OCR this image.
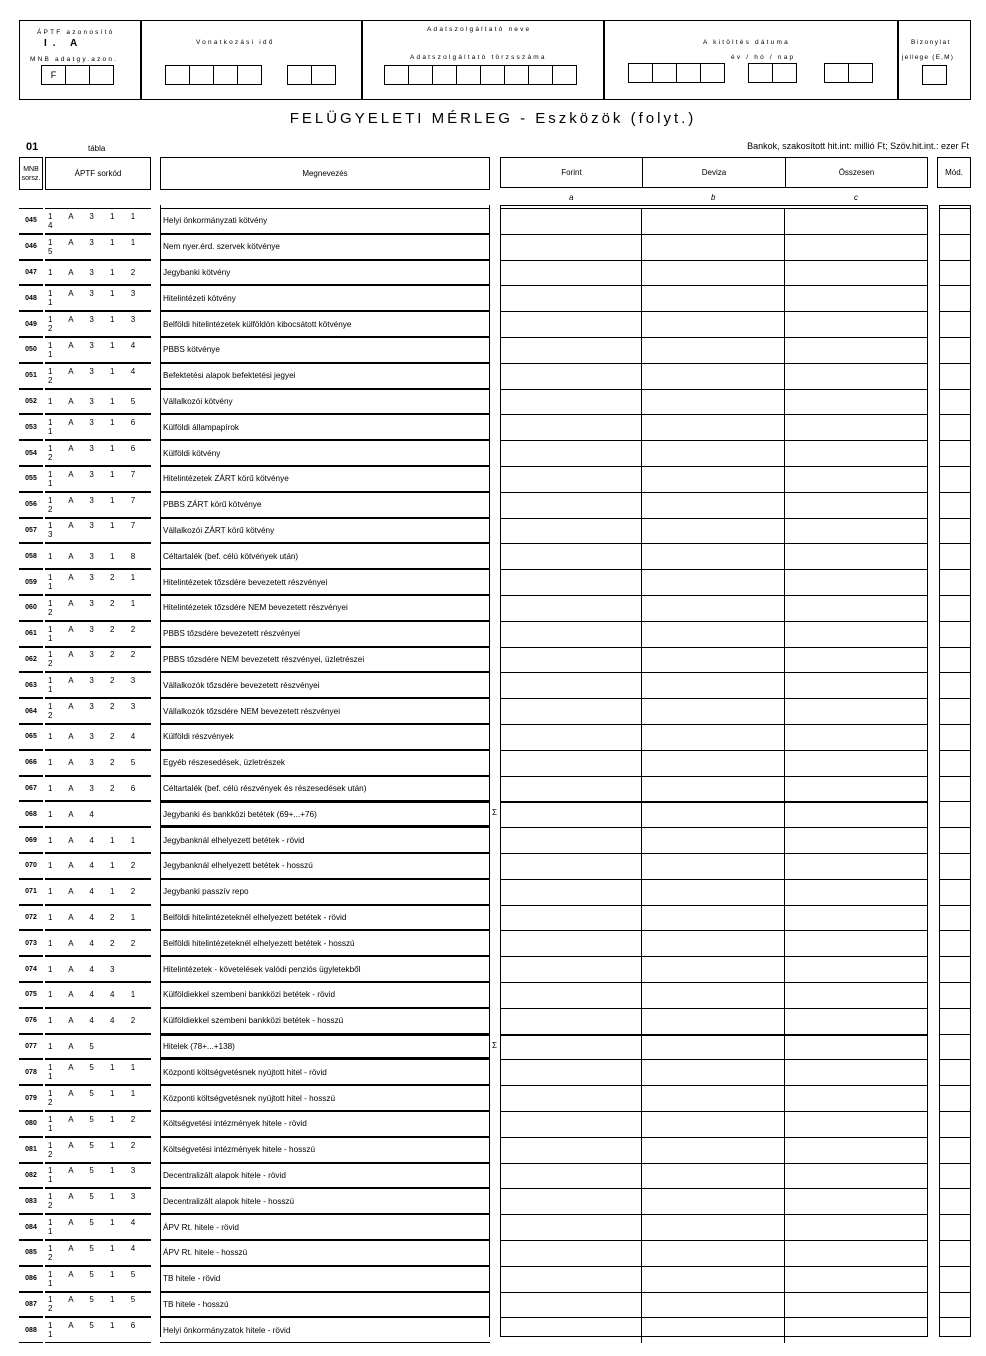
ÁPTF azonosító
I. A
MNB adatgy.azon.
F
Vonatkozási idő
Adatszolgáltató neve
Adatszolgáltató törzsszáma
A kitöltés dátuma
év / hó / nap
Bizonylat
jellege (E,M)
FELÜGYELETI MÉRLEG - Eszközök (folyt.)
01	tábla	Bankok, szakosított hit.int: millió Ft; Szöv.hit.int.: ezer Ft
MNB sorsz.	ÁPTF sorkód	Megnevezés	Forint	Deviza	Összesen	Mód.
a	b	c
045	1 A 3 1 1 4	Helyi önkormányzati kötvény
046	1 A 3 1 1 5	Nem nyer.érd. szervek kötvénye
047	1 A 3 1 2	Jegybanki kötvény
048	1 A 3 1 3 1	Hitelintézeti kötvény
049	1 A 3 1 3 2	Belföldi hitelintézetek külföldön kibocsátott kötvénye
050	1 A 3 1 4 1	PBBS kötvénye
051	1 A 3 1 4 2	Befektetési alapok befektetési jegyei
052	1 A 3 1 5	Vállalkozói kötvény
053	1 A 3 1 6 1	Külföldi állampapírok
054	1 A 3 1 6 2	Külföldi kötvény
055	1 A 3 1 7 1	Hitelintézetek ZÁRT körű kötvénye
056	1 A 3 1 7 2	PBBS ZÁRT körű kötvénye
057	1 A 3 1 7 3	Vállalkozói ZÁRT körű kötvény
058	1 A 3 1 8	Céltartalék (bef. célú kötvények után)
059	1 A 3 2 1 1	Hitelintézetek tőzsdére bevezetett részvényei
060	1 A 3 2 1 2	Hitelintézetek tőzsdére NEM bevezetett részvényei
061	1 A 3 2 2 1	PBBS tőzsdére bevezetett részvényei
062	1 A 3 2 2 2	PBBS tőzsdére NEM bevezetett részvényei, üzletrészei
063	1 A 3 2 3 1	Vállalkozók tőzsdére bevezetett részvényei
064	1 A 3 2 3 2	Vállalkozók tőzsdére NEM bevezetett részvényei
065	1 A 3 2 4	Külföldi részvények
066	1 A 3 2 5	Egyéb részesedések, üzletrészek
067	1 A 3 2 6	Céltartalék (bef. célú részvények és részesedések után)
068	1 A 4	Jegybanki és bankközi betétek (69+...+76)	Σ
069	1 A 4 1 1	Jegybanknál elhelyezett betétek - rövid
070	1 A 4 1 2	Jegybanknál elhelyezett betétek - hosszú
071	1 A 4 1 2	Jegybanki passzív repo
072	1 A 4 2 1	Belföldi hitelintézeteknél elhelyezett betétek - rövid
073	1 A 4 2 2	Belföldi hitelintézeteknél elhelyezett betétek - hosszú
074	1 A 4 3	Hitelintézetek - követelések valódi penziós ügyletekből
075	1 A 4 4 1	Külföldiekkel szembeni bankközi betétek - rövid
076	1 A 4 4 2	Külföldiekkel szembeni bankközi betétek - hosszú
077	1 A 5	Hitelek (78+...+138)	Σ
078	1 A 5 1 1 1	Központi költségvetésnek nyújtott hitel - rövid
079	1 A 5 1 1 2	Központi költségvetésnek nyújtott hitel - hosszú
080	1 A 5 1 2 1	Költségvetési intézmények hitele - rövid
081	1 A 5 1 2 2	Költségvetési intézmények hitele - hosszú
082	1 A 5 1 3 1	Decentralizált alapok hitele - rövid
083	1 A 5 1 3 2	Decentralizált alapok hitele - hosszú
084	1 A 5 1 4 1	ÁPV Rt. hitele - rövid
085	1 A 5 1 4 2	ÁPV Rt. hitele - hosszú
086	1 A 5 1 5 1	TB hitele - rövid
087	1 A 5 1 5 2	TB hitele - hosszú
088	1 A 5 1 6 1	Helyi önkormányzatok hitele - rövid
